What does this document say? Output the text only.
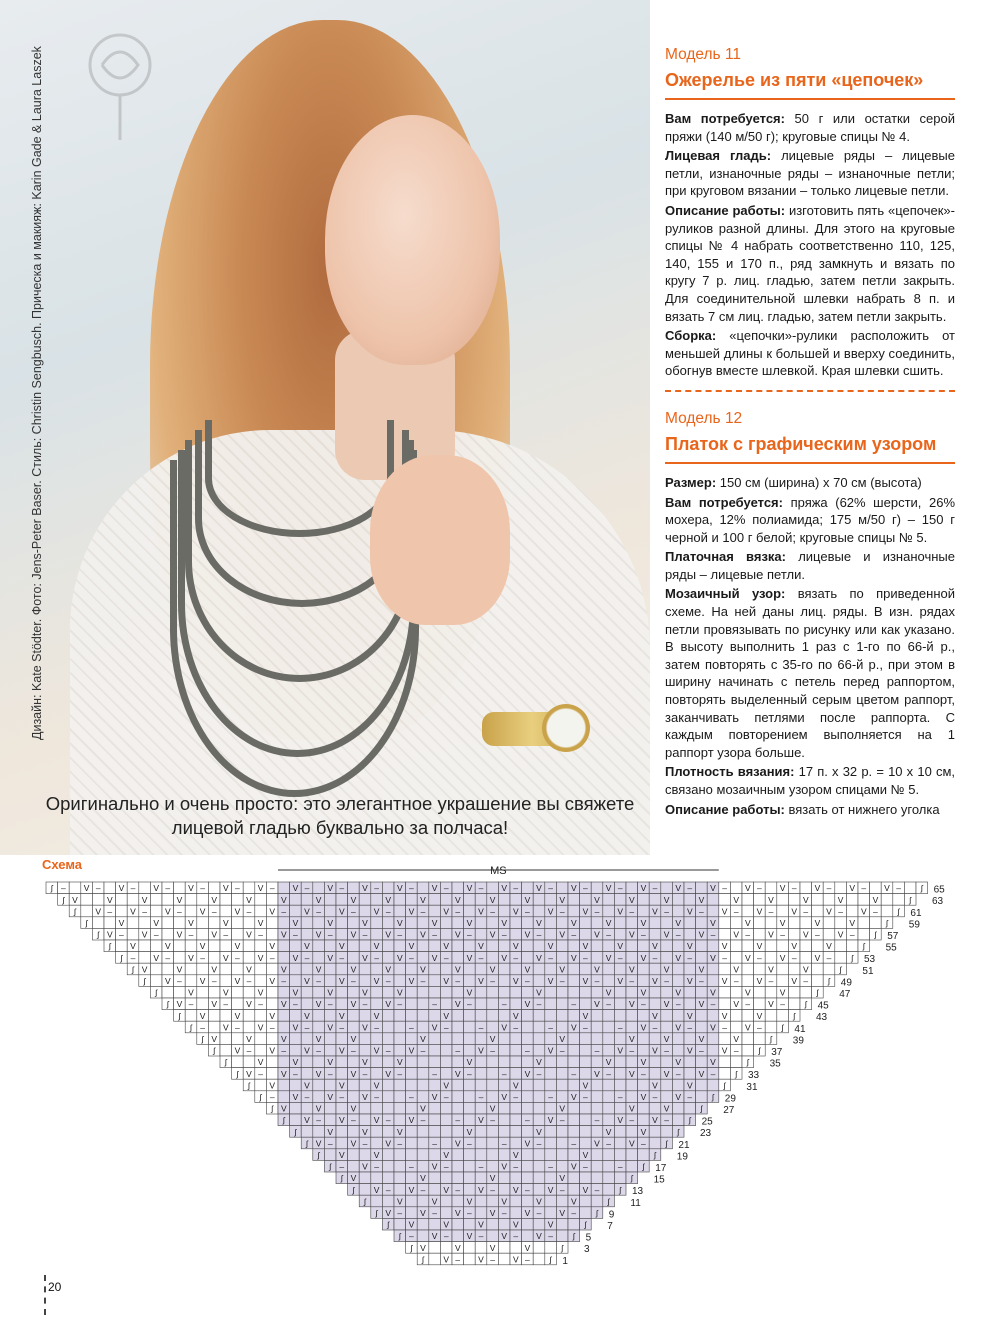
Дизайн: Kate Stödter. Фото: Jens-Peter Baser. Стиль: Christin Sengbusch. Прическа и макияж: Karin Gade & Laura Laszek
Оригинально и очень просто: это элегантное украшение вы свяжете лицевой гладью буквально за полчаса!
Модель 11
Ожерелье из пяти «цепочек»
Вам потребуется: 50 г или остатки серой пряжи (140 м/50 г); круговые спицы № 4.
Лицевая гладь: лицевые ряды – лицевые петли, изнаночные ряды – изнаночные петли; при круговом вязании – только лицевые петли.
Описание работы: изготовить пять «цепочек»-руликов разной длины. Для этого на круговые спицы № 4 набрать соответственно 110, 125, 140, 155 и 170 п., ряд замкнуть и вязать по кругу 7 р. лиц. гладью, затем петли закрыть. Для соединительной шлевки набрать 8 п. и вязать 7 см лиц. гладью, затем петли закрыть.
Сборка: «цепочки»-рулики расположить от меньшей длины к большей и вверху соединить, обогнув вместе шлевкой. Края шлевки сшить.
Модель 12
Платок с графическим узором
Размер: 150 см (ширина) х 70 см (высота)
Вам потребуется: пряжа (62% шерсти, 26% мохера, 12% полиамида; 175 м/50 г) – 150 г черной и 100 г белой; круговые спицы № 5.
Платочная вязка: лицевые и изнаночные ряды – лицевые петли.
Мозаичный узор: вязать по приведенной схеме. На ней даны лиц. ряды. В изн. рядах петли провязывать по рисунку или как указано. В высоту выполнить 1 раз с 1-го по 66-й р., затем повторять с 35-го по 66-й р., при этом в ширину начинать с петель перед раппортом, повторять выделенный серым цветом раппорт, заканчивать петлями после раппорта. С каждым повторением выполняется на 1 раппорт узора больше.
Плотность вязания: 17 п. х 32 р. = 10 х 10 см, связано мозаичным узором спицами № 5.
Описание работы: вязать от нижнего уголка
Схема	MS
ʃ – V – V – V – V – V – V – V – V – V – V – V – V – V – V – V – V – V – V – V – V – V – V – V – V – ʃ 65
ʃ V	V	V	V	V	V	V	V	V	V	V	V	V	V	V	V	V	V	V	V	V	V	V	V	ʃ 63
ʃ V – V – V – V – V – V – V – V – V – V – V – V – V – V – V – V – V – V – V – V – V – V – V – ʃ 61
ʃ	V	V	V	V	V	V	V	V	V	V	V	V	V	V	V	V	V	V	V	V	V	V	ʃ 59
ʃ V – V – V – V – V – V – V – V – V – V – V – V – V – V – V – V – V – V – V – V – V – V – ʃ 57
ʃ V	V	V	V	V	V	V	V	V	V	V	V	V	V	V	V	V	V	V	V	V	ʃ 55
ʃ – V – V – V – V – V – V – V – V – V – V – V – V – V – V – V – V – V – V – V – V – ʃ 53
ʃ V	V	V	V	V	V	V	V	V	V	V	V	V	V	V	V	V	V	V	V	ʃ 51
ʃ V – V – V – V – V – V – V – V – V – V – V – V – V – V – V – V – V – V – V – ʃ 49
ʃ	V	V	V	V	V	V	V	V	V	V	V	V	V	V	V	ʃ 47
ʃ V – V – V – V – V – V – V –	– V –	– V –	– V – V – V – V – V – V – ʃ 45
ʃ V	V	V	V	V	V	V	V	V	V	V	V	V	ʃ 43
ʃ – V – V – V – V – V –	– V –	– V –	– V –	– V – V – V – V – ʃ 41
ʃ V	V	V	V	V	V	V	V	V	V	V	V	ʃ 39
ʃ V – V – V – V – V – V –	– V –	– V –	– V – V – V – V – ʃ 37
ʃ	V	V	V	V	V	V	V	V	V	V	V	ʃ 35
ʃ V – V – V – V – V –	– V –	– V –	– V – V – V – V – ʃ 33
ʃ V	V	V	V	V	V	V	V	V	ʃ 31
ʃ – V – V – V –	– V –	– V –	– V –	– V – V – ʃ 29
ʃ V	V	V	V	V	V	V	V	ʃ 27
ʃ V – V – V – V –	– V –	– V –	– V – V – ʃ 25
ʃ	V	V	V	V	V	V	V	ʃ 23
ʃ V – V – V –	– V –	– V –	– V – V – ʃ 21
ʃ V	V	V	V	V	ʃ 19
ʃ – V –	– V –	– V –	– V –	– ʃ 17
ʃ V	V	V	V	ʃ 15
ʃ V – V – V – V – V – V – V – ʃ 13
ʃ	V	V	V	V	V	V	ʃ 11
ʃ V – V – V – V – V – V – ʃ 9
ʃ V	V	V	V	V	ʃ 7
ʃ – V – V – V – V – ʃ 5
ʃ V	V	V	V	ʃ 3
ʃ V – V – V – ʃ 1
20
